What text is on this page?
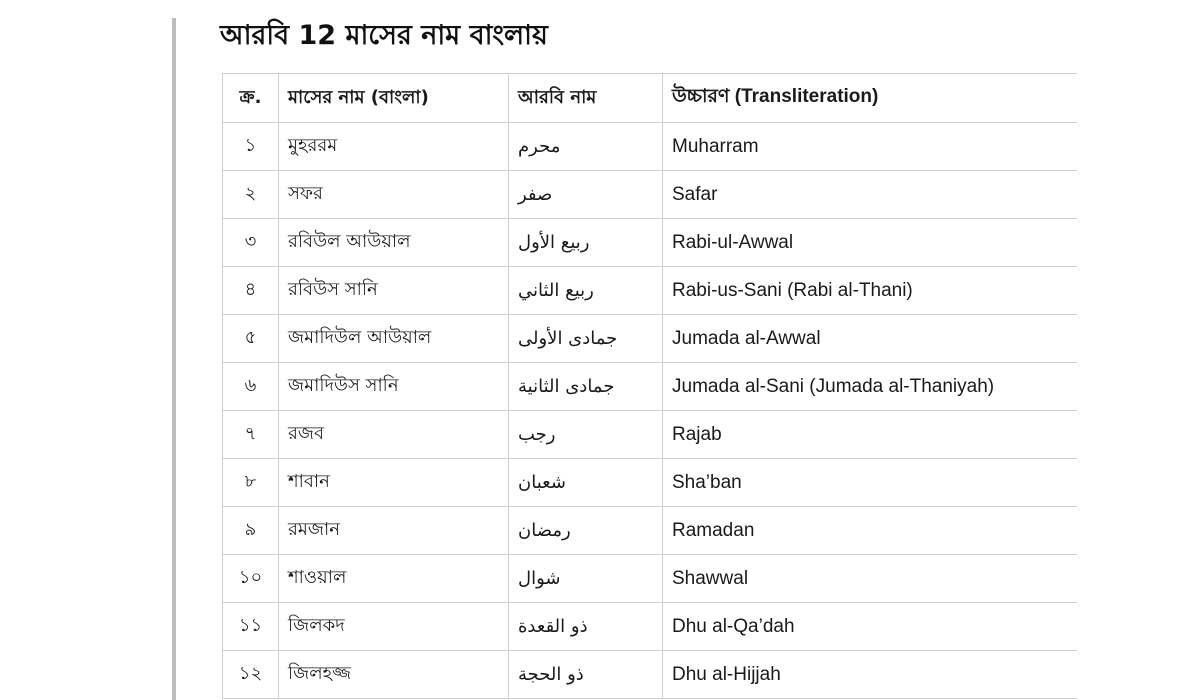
আরবি 12 মাসের নাম বাংলায়
ক্র.	মাসের নাম (বাংলা)	আরবি নাম	উচ্চারণ (Transliteration)
১	মুহররম	محرم	Muharram
২	সফর	صفر	Safar
৩	রবিউল আউয়াল	ربيع الأول	Rabi-ul-Awwal
৪	রবিউস সানি	ربيع الثاني	Rabi-us-Sani (Rabi al-Thani)
৫	জমাদিউল আউয়াল	جمادى الأولى	Jumada al-Awwal
৬	জমাদিউস সানি	جمادى الثانية	Jumada al-Sani (Jumada al-Thaniyah)
৭	রজব	رجب	Rajab
৮	শাবান	شعبان	Sha’ban
৯	রমজান	رمضان	Ramadan
১০	শাওয়াল	شوال	Shawwal
১১	জিলকদ	ذو القعدة	Dhu al-Qa’dah
১২	জিলহজ্জ	ذو الحجة	Dhu al-Hijjah
